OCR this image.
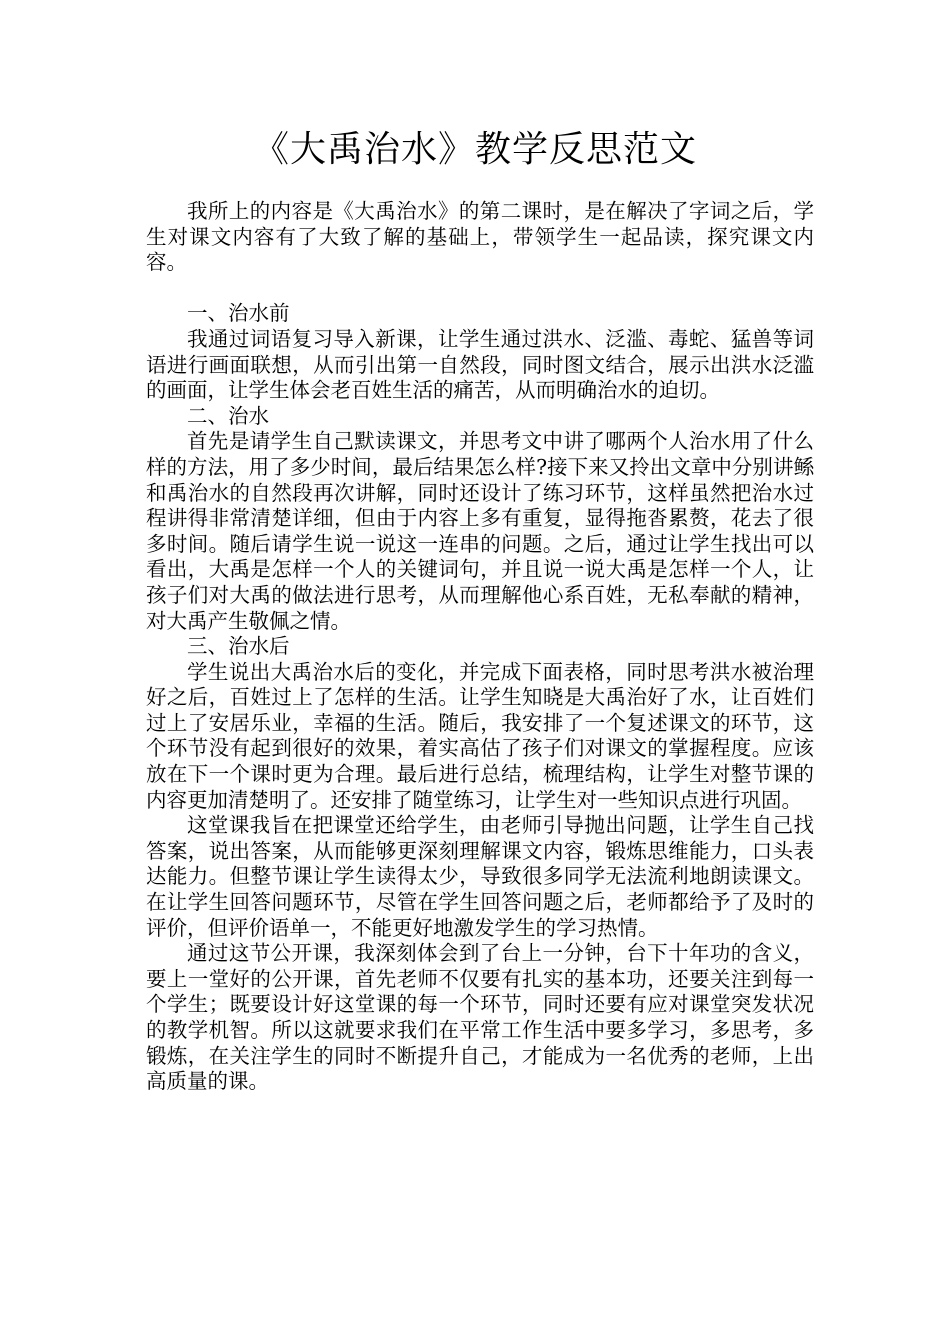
《大禹治水》教学反思范文

我所上的内容是《大禹治水》的第二课时，是在解决了字词之后，学生对课文内容有了大致了解的基础上，带领学生一起品读，探究课文内容。

一、治水前

我通过词语复习导入新课，让学生通过洪水、泛滥、毒蛇、猛兽等词语进行画面联想，从而引出第一自然段，同时图文结合，展示出洪水泛滥的画面，让学生体会老百姓生活的痛苦，从而明确治水的迫切。

二、治水

首先是请学生自己默读课文，并思考文中讲了哪两个人治水用了什么样的方法，用了多少时间，最后结果怎么样?接下来又拎出文章中分别讲鲧和禹治水的自然段再次讲解，同时还设计了练习环节，这样虽然把治水过程讲得非常清楚详细，但由于内容上多有重复，显得拖沓累赘，花去了很多时间。随后请学生说一说这一连串的问题。之后，通过让学生找出可以看出，大禹是怎样一个人的关键词句，并且说一说大禹是怎样一个人，让孩子们对大禹的做法进行思考，从而理解他心系百姓，无私奉献的精神，对大禹产生敬佩之情。

三、治水后

学生说出大禹治水后的变化，并完成下面表格，同时思考洪水被治理好之后，百姓过上了怎样的生活。让学生知晓是大禹治好了水，让百姓们过上了安居乐业，幸福的生活。随后，我安排了一个复述课文的环节，这个环节没有起到很好的效果，着实高估了孩子们对课文的掌握程度。应该放在下一个课时更为合理。最后进行总结，梳理结构，让学生对整节课的内容更加清楚明了。还安排了随堂练习，让学生对一些知识点进行巩固。

这堂课我旨在把课堂还给学生，由老师引导抛出问题，让学生自己找答案，说出答案，从而能够更深刻理解课文内容，锻炼思维能力，口头表达能力。但整节课让学生读得太少，导致很多同学无法流利地朗读课文。在让学生回答问题环节，尽管在学生回答问题之后，老师都给予了及时的评价，但评价语单一，不能更好地激发学生的学习热情。

通过这节公开课，我深刻体会到了台上一分钟，台下十年功的含义，要上一堂好的公开课，首先老师不仅要有扎实的基本功，还要关注到每一个学生；既要设计好这堂课的每一个环节，同时还要有应对课堂突发状况的教学机智。所以这就要求我们在平常工作生活中要多学习，多思考，多锻炼，在关注学生的同时不断提升自己，才能成为一名优秀的老师，上出高质量的课。
